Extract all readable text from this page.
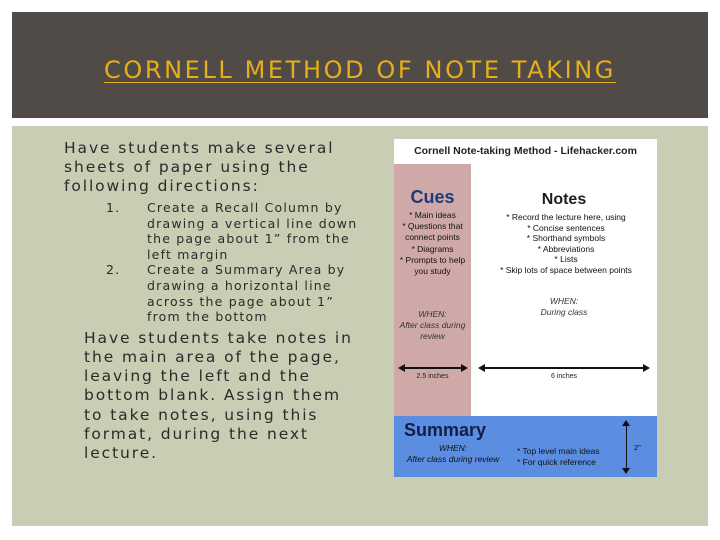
CORNELL METHOD OF NOTE TAKING

Have students make several sheets of paper using the following directions:

1. Create a Recall Column by drawing a vertical line down the page about 1” from the left margin
2. Create a Summary Area by drawing a horizontal line across the page about 1” from the bottom

Have students take notes in the main area of the page, leaving the left and the bottom blank. Assign them to take notes, using this format, during the next lecture.

Cornell Note-taking Method - Lifehacker.com
Cues
* Main ideas
* Questions that connect points
* Diagrams
* Prompts to help you study
WHEN:
After class during review
Notes
* Record the lecture here, using
* Concise sentences
* Shorthand symbols
* Abbreviations
* Lists
* Skip lots of space between points
WHEN:
During class
2.5 inches	6 inches
Summary
WHEN:
After class during review
* Top level main ideas
* For quick reference
2"
